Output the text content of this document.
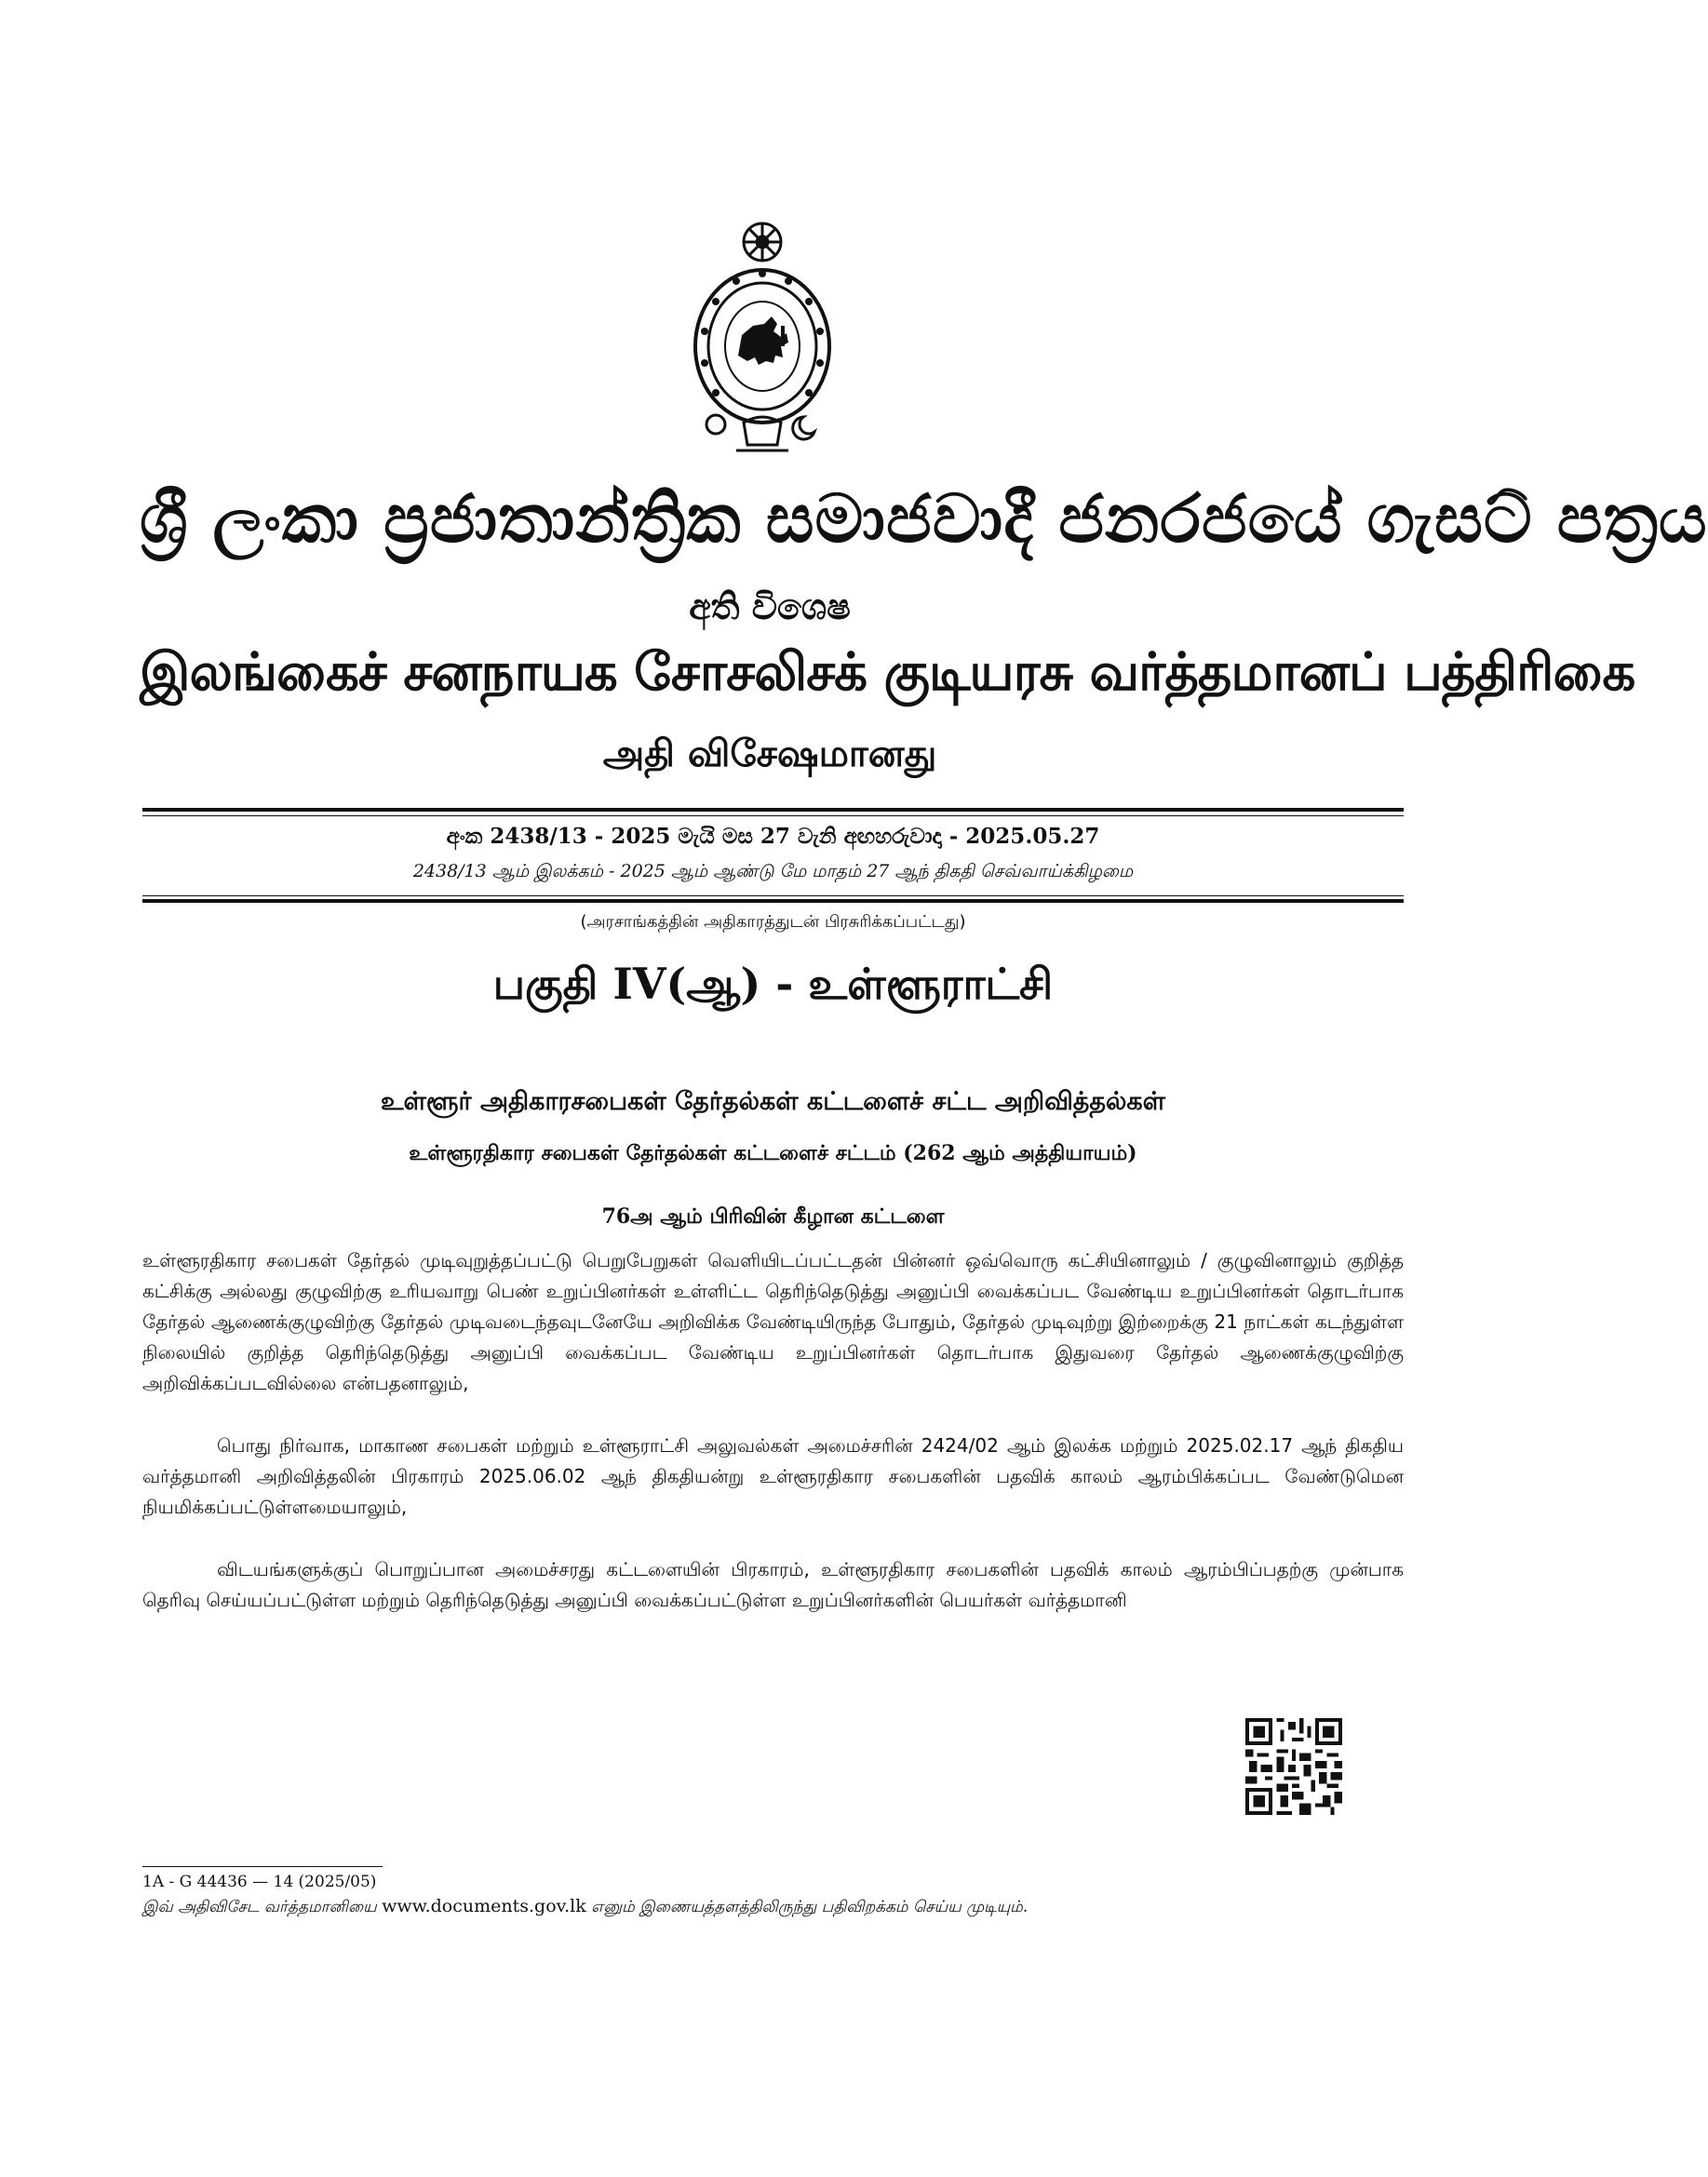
ශ්‍රී ලංකා ප්‍රජාතාන්ත්‍රික සමාජවාදී ජනරජයේ ගැසට් පත්‍රය
අති විශෙෂ
இலங்கைச் சனநாயக சோசலிசக் குடியரசு வர்த்தமானப் பத்திரிகை
அதி விசேஷமானது
අංක 2438/13 - 2025 මැයි මස 27 වැනි අඟහරුවාදා - 2025.05.27
2438/13 ஆம் இலக்கம் - 2025 ஆம் ஆண்டு மே மாதம் 27 ஆந் திகதி செவ்வாய்க்கிழமை
(அரசாங்கத்தின் அதிகாரத்துடன் பிரசுரிக்கப்பட்டது)
பகுதி IV(ஆ) - உள்ளூராட்சி
உள்ளூர் அதிகாரசபைகள் தேர்தல்கள் கட்டளைச் சட்ட அறிவித்தல்கள்
உள்ளூரதிகார சபைகள் தேர்தல்கள் கட்டளைச் சட்டம் (262 ஆம் அத்தியாயம்)
76அ ஆம் பிரிவின் கீழான கட்டளை
உள்ளூரதிகார சபைகள் தேர்தல் முடிவுறுத்தப்பட்டு பெறுபேறுகள் வெளியிடப்பட்டதன் பின்னர் ஒவ்வொரு கட்சியினாலும் / குழுவினாலும் குறித்த கட்சிக்கு அல்லது குழுவிற்கு உரியவாறு பெண் உறுப்பினர்கள் உள்ளிட்ட தெரிந்தெடுத்து அனுப்பி வைக்கப்பட வேண்டிய உறுப்பினர்கள் தொடர்பாக தேர்தல் ஆணைக்குழுவிற்கு தேர்தல் முடிவடைந்தவுடனேயே அறிவிக்க வேண்டியிருந்த போதும், தேர்தல் முடிவுற்று இற்றைக்கு 21 நாட்கள் கடந்துள்ள நிலையில் குறித்த தெரிந்தெடுத்து அனுப்பி வைக்கப்பட வேண்டிய உறுப்பினர்கள் தொடர்பாக இதுவரை தேர்தல் ஆணைக்குழுவிற்கு அறிவிக்கப்படவில்லை என்பதனாலும்,
பொது நிர்வாக, மாகாண சபைகள் மற்றும் உள்ளூராட்சி அலுவல்கள் அமைச்சரின் 2424/02 ஆம் இலக்க மற்றும் 2025.02.17 ஆந் திகதிய வர்த்தமானி அறிவித்தலின் பிரகாரம் 2025.06.02 ஆந் திகதியன்று உள்ளூரதிகார சபைகளின் பதவிக் காலம் ஆரம்பிக்கப்பட வேண்டுமென நியமிக்கப்பட்டுள்ளமையாலும்,
விடயங்களுக்குப் பொறுப்பான அமைச்சரது கட்டளையின் பிரகாரம், உள்ளூரதிகார சபைகளின் பதவிக் காலம் ஆரம்பிப்பதற்கு முன்பாக தெரிவு செய்யப்பட்டுள்ள மற்றும் தெரிந்தெடுத்து அனுப்பி வைக்கப்பட்டுள்ள உறுப்பினர்களின் பெயர்கள் வர்த்தமானி
1A - G 44436 — 14 (2025/05)
இவ் அதிவிசேட வர்த்தமானியை www.documents.gov.lk எனும் இணையத்தளத்திலிருந்து பதிவிறக்கம் செய்ய முடியும்.
